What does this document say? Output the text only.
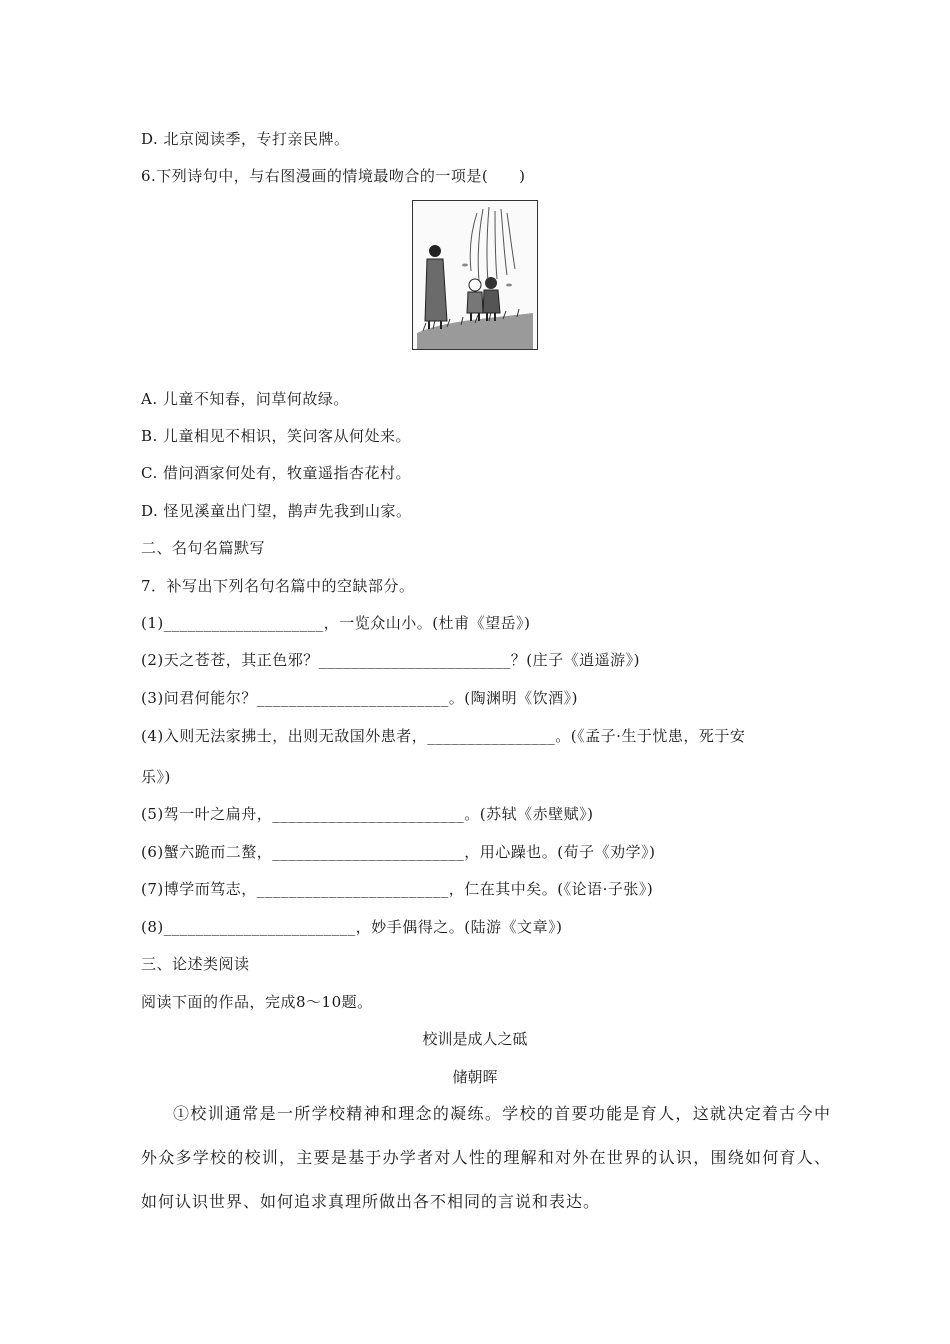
D. 北京阅读季，专打亲民牌。
6.下列诗句中，与右图漫画的情境最吻合的一项是(　　)
A. 儿童不知春，问草何故绿。
B. 儿童相见不相识，笑问客从何处来。
C. 借问酒家何处有，牧童遥指杏花村。
D. 怪见溪童出门望，鹊声先我到山家。
二、名句名篇默写
7．补写出下列名句名篇中的空缺部分。
(1)____________________，一览众山小。(杜甫《望岳》)
(2)天之苍苍，其正色邪？________________________？(庄子《逍遥游》)
(3)问君何能尔？________________________。(陶渊明《饮酒》)
(4)入则无法家拂士，出则无敌国外患者，________________。(《孟子·生于忧患，死于安
乐》)
(5)驾一叶之扁舟，________________________。(苏轼《赤壁赋》)
(6)蟹六跪而二螯，________________________，用心躁也。(荀子《劝学》)
(7)博学而笃志，________________________，仁在其中矣。(《论语·子张》)
(8)________________________，妙手偶得之。(陆游《文章》)
三、论述类阅读
阅读下面的作品，完成8～10题。
校训是成人之砥
储朝晖
①校训通常是一所学校精神和理念的凝练。学校的首要功能是育人，这就决定着古今中外众多学校的校训，主要是基于办学者对人性的理解和对外在世界的认识，围绕如何育人、如何认识世界、如何追求真理所做出各不相同的言说和表达。
